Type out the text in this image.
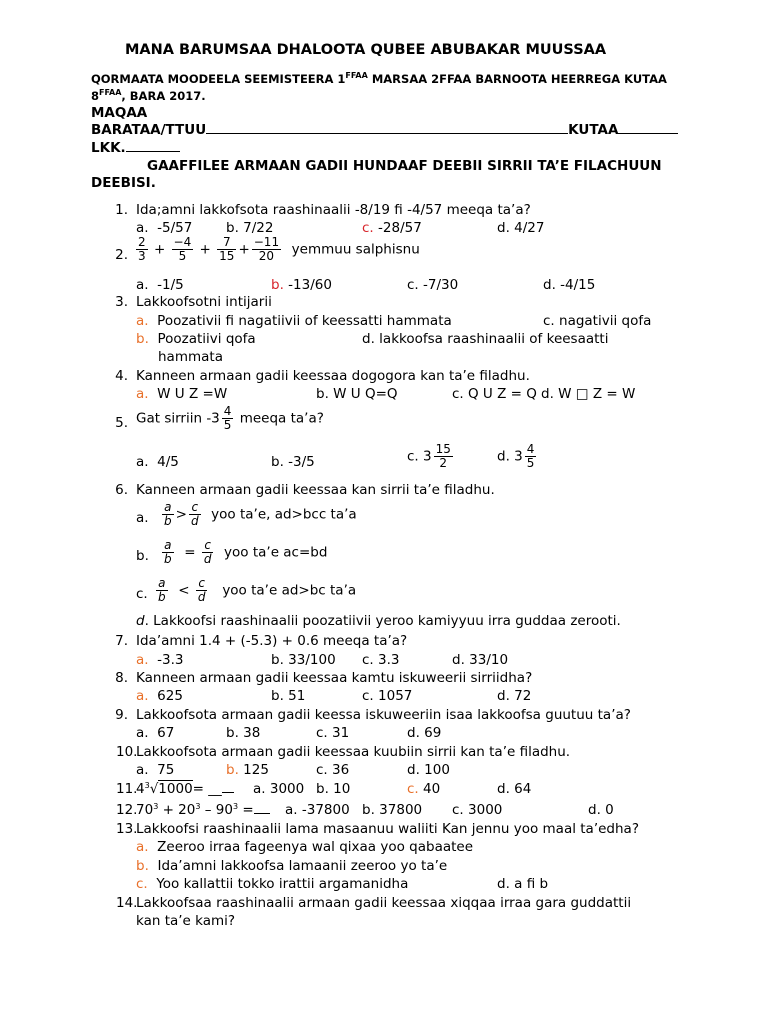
MANA BARUMSAA DHALOOTA QUBEE ABUBAKAR MUUSSAA
QORMAATA MOODEELA SEEMISTEERA $1^{FFAA}$ MARSAA 2FFAA BARNOOTA HEERREGA KUTAA
$8^{FFAA}$, BARA 2017.
MAQAA
BARATAA/TTUU	KUTAA
LKK.
GAAFFILEE ARMAAN GADII HUNDAAF DEEBII SIRRII TA’E FILACHUUN
DEEBISI.
1. Ida;amni lakkofsota raashinaalii -8/19 fi -4/57 meeqa ta’a?
a. -5/57 b. 7/22	c. -28/57	d. 4/27
2. $\frac{2}{3} + \frac{-4}{5} + \frac{7}{15} + \frac{-11}{20}$ yemmuu salphisnu
a. -1/5	b. -13/60	c. -7/30	d. -4/15
3. Lakkoofsotni intijarii
a. Poozativii fi nagatiivii of keessatti hammata	c. nagativii qofa
b. Poozatiivi qofa	d. lakkoofsa raashinaalii of keesaatti
hammata
4. Kanneen armaan gadii keessaa dogogora kan ta’e filadhu.
a. W U Z =W	b. W U Q=Q	c. Q U Z = Q d. W □ Z = W
5. Gat sirriin $-3 \frac{4}{5}$ meeqa ta’a?
a. 4/5	b. -3/5	c. $3 \frac{15}{2}$	d. $3 \frac{4}{5}$
6. Kanneen armaan gadii keessaa kan sirrii ta’e filadhu.
a. $\frac{a}{b} > \frac{c}{d}$ yoo ta’e, ad>bcc ta’a
b. $\frac{a}{b} = \frac{c}{d}$ yoo ta’e ac=bd
c. $\frac{a}{b} < \frac{c}{d}$ yoo ta’e ad>bc ta’a
d. Lakkoofsi raashinaalii poozatiivii yeroo kamiyyuu irra guddaa zerooti.
7. Ida’amni 1.4 + (-5.3) + 0.6 meeqa ta’a?
a. -3.3	b. 33/100 c. 3.3	d. 33/10
8. Kanneen armaan gadii keessaa kamtu iskuweerii sirriidha?
a. 625	b. 51	c. 1057	d. 72
9. Lakkoofsota armaan gadii keessa iskuweeriin isaa lakkoofsa guutuu ta’a?
a. 67	b. 38	c. 31	d. 69
10.
Lakkoofsota armaan gadii keessaa kuubiin sirrii kan ta’e filadhu.
a. 75	b. 125	c. 36	d. 100
11.
$4^3√1000=$ __	a. 3000 b. 10	c. 40	d. 64
12.
$70^3 + 20^3 - 90^3$ =	a. -37800 b. 37800 c. 3000	d. 0
13.
Lakkoofsi raashinaalii lama masaanuu waliiti Kan jennu yoo maal ta’edha?
a. Zeeroo irraa fageenya wal qixaa yoo qabaatee
b. Ida’amni lakkoofsa lamaanii zeeroo yo ta’e
c. Yoo kallattii tokko irattii argamanidha	d. a fi b
14.
Lakkoofsaa raashinaalii armaan gadii keessaa xiqqaa irraa gara guddattii
kan ta’e kami?
